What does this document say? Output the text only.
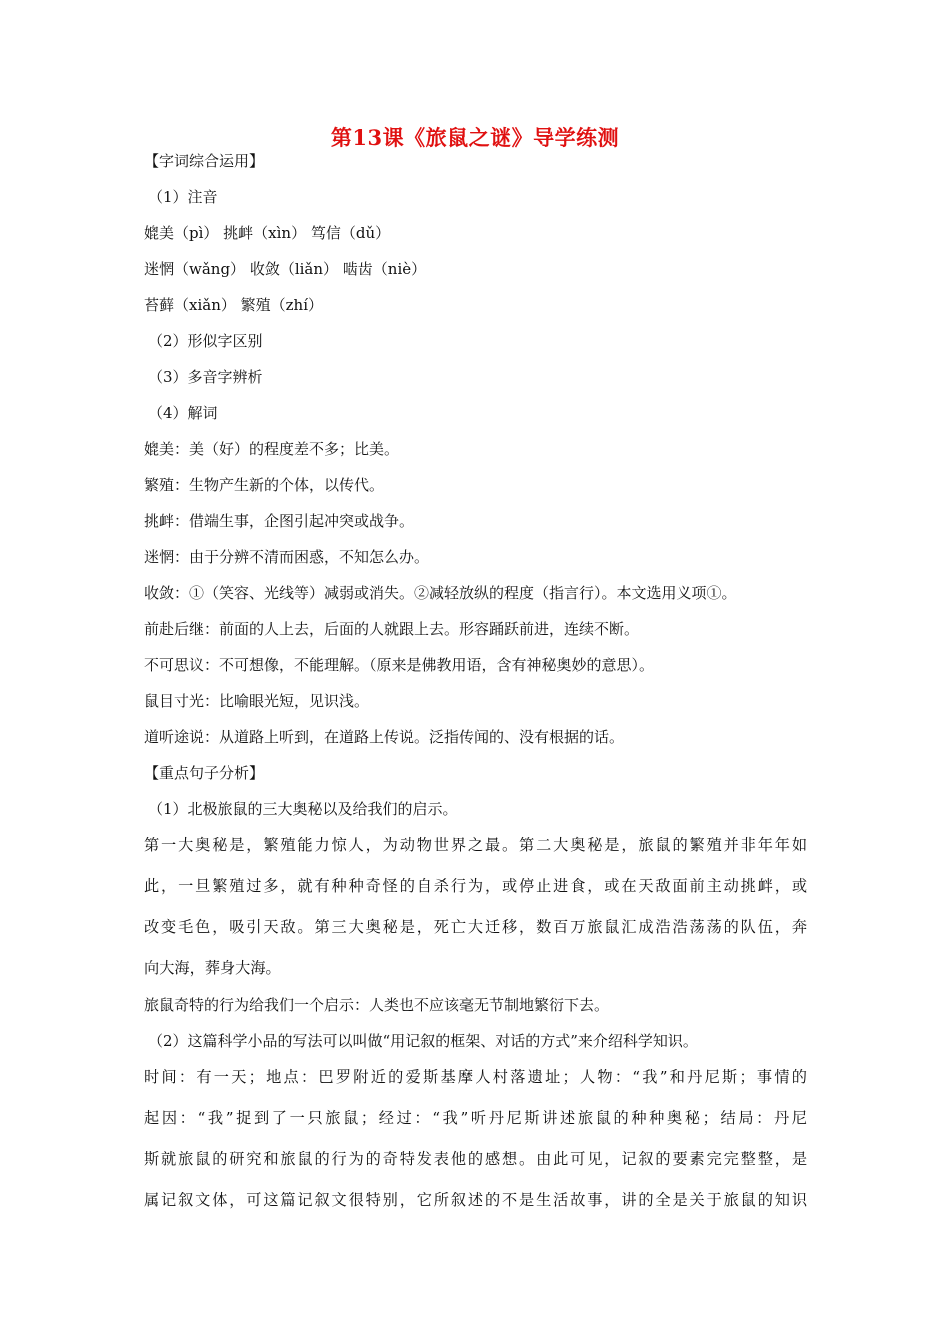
第13课《旅鼠之谜》导学练测
【字词综合运用】
（1）注音
媲美（pì） 挑衅（xìn） 笃信（dǔ）
迷惘（wǎng） 收敛（liǎn） 啮齿（niè）
苔藓（xiǎn） 繁殖（zhí）
（2）形似字区别
（3）多音字辨析
（4）解词
媲美：美（好）的程度差不多；比美。
繁殖：生物产生新的个体，以传代。
挑衅：借端生事，企图引起冲突或战争。
迷惘：由于分辨不清而困惑，不知怎么办。
收敛：①（笑容、光线等）减弱或消失。②减轻放纵的程度（指言行）。本文选用义项①。
前赴后继：前面的人上去，后面的人就跟上去。形容踊跃前进，连续不断。
不可思议：不可想像，不能理解。（原来是佛教用语，含有神秘奥妙的意思）。
鼠目寸光：比喻眼光短，见识浅。
道听途说：从道路上听到，在道路上传说。泛指传闻的、没有根据的话。
【重点句子分析】
（1）北极旅鼠的三大奥秘以及给我们的启示。
第一大奥秘是，繁殖能力惊人，为动物世界之最。第二大奥秘是，旅鼠的繁殖并非年年如
此，一旦繁殖过多，就有种种奇怪的自杀行为，或停止进食，或在天敌面前主动挑衅，或
改变毛色，吸引天敌。第三大奥秘是，死亡大迁移，数百万旅鼠汇成浩浩荡荡的队伍，奔
向大海，葬身大海。
旅鼠奇特的行为给我们一个启示：人类也不应该毫无节制地繁衍下去。
（2）这篇科学小品的写法可以叫做“用记叙的框架、对话的方式”来介绍科学知识。
时间：有一天；地点：巴罗附近的爱斯基摩人村落遗址；人物：“我”和丹尼斯；事情的
起因：“我”捉到了一只旅鼠；经过：“我”听丹尼斯讲述旅鼠的种种奥秘；结局：丹尼
斯就旅鼠的研究和旅鼠的行为的奇特发表他的感想。由此可见，记叙的要素完完整整，是
属记叙文体，可这篇记叙文很特别，它所叙述的不是生活故事，讲的全是关于旅鼠的知识
